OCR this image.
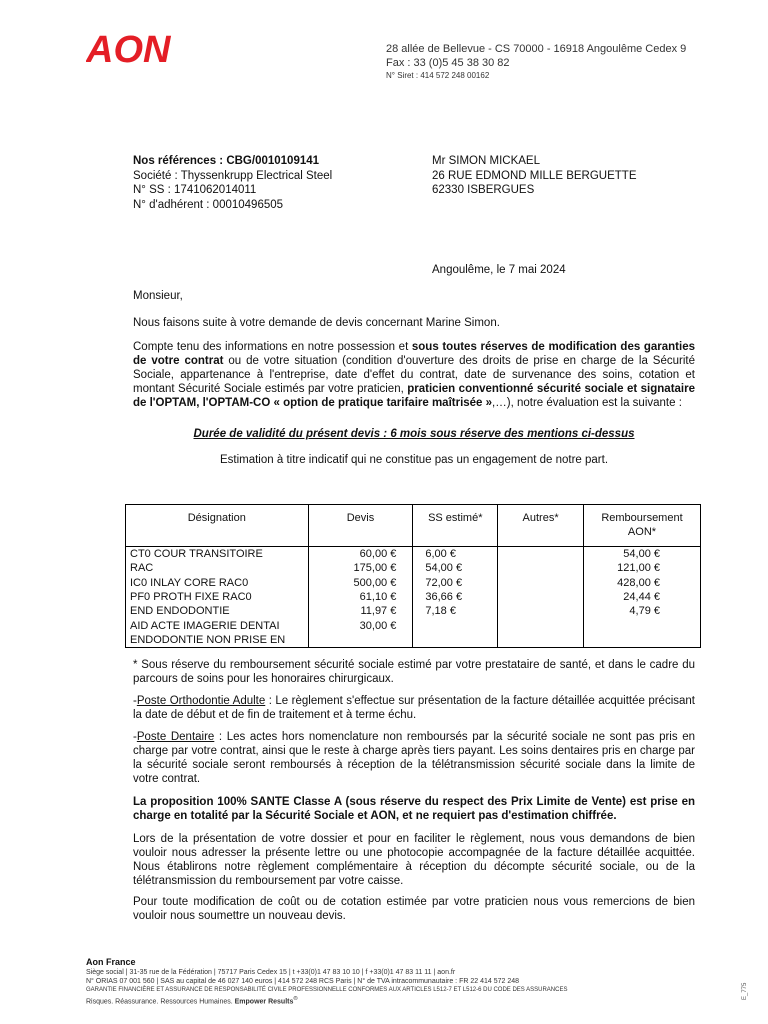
AON	28 allée de Bellevue - CS 70000 - 16918 Angoulême Cedex 9
Fax : 33 (0)5 45 38 30 82
N° Siret : 414 572 248 00162
Nos références : CBG/0010109141
Société : Thyssenkrupp Electrical Steel
N° SS : 1741062014011
N° d'adhérent : 00010496505
Mr SIMON MICKAEL
26 RUE EDMOND MILLE BERGUETTE
62330 ISBERGUES
Angoulême, le 7 mai 2024
Monsieur,
Nous faisons suite à votre demande de devis concernant Marine Simon.
Compte tenu des informations en notre possession et sous toutes réserves de modification des garanties de votre contrat ou de votre situation (condition d'ouverture des droits de prise en charge de la Sécurité Sociale, appartenance à l'entreprise, date d'effet du contrat, date de survenance des soins, cotation et montant Sécurité Sociale estimés par votre praticien, praticien conventionné sécurité sociale et signataire de l'OPTAM, l'OPTAM-CO « option de pratique tarifaire maîtrisée »,…), notre évaluation est la suivante :
Durée de validité du présent devis : 6 mois sous réserve des mentions ci-dessus
Estimation à titre indicatif qui ne constitue pas un engagement de notre part.
Désignation	Devis	SS estimé*	Autres*	Remboursement AON*
CT0 COUR TRANSITOIRE	60,00 €	6,00 €		54,00 €
RAC	175,00 €	54,00 €		121,00 €
IC0 INLAY CORE RAC0	500,00 €	72,00 €		428,00 €
PF0 PROTH FIXE RAC0	61,10 €	36,66 €		24,44 €
END ENDODONTIE	11,97 €	7,18 €		4,79 €
AID ACTE IMAGERIE DENTAI	30,00 €			
ENDODONTIE NON PRISE EN				
* Sous réserve du remboursement sécurité sociale estimé par votre prestataire de santé, et dans le cadre du parcours de soins pour les honoraires chirurgicaux.
-Poste Orthodontie Adulte : Le règlement s'effectue sur présentation de la facture détaillée acquittée précisant la date de début et de fin de traitement et à terme échu.
-Poste Dentaire : Les actes hors nomenclature non remboursés par la sécurité sociale ne sont pas pris en charge par votre contrat, ainsi que le reste à charge après tiers payant. Les soins dentaires pris en charge par la sécurité sociale seront remboursés à réception de la télétransmission sécurité sociale dans la limite de votre contrat.
La proposition 100% SANTE Classe A (sous réserve du respect des Prix Limite de Vente) est prise en charge en totalité par la Sécurité Sociale et AON, et ne requiert pas d'estimation chiffrée.
Lors de la présentation de votre dossier et pour en faciliter le règlement, nous vous demandons de bien vouloir nous adresser la présente lettre ou une photocopie accompagnée de la facture détaillée acquittée. Nous établirons notre règlement complémentaire à réception du décompte sécurité sociale, ou de la télétransmission du remboursement par votre caisse.
Pour toute modification de coût ou de cotation estimée par votre praticien nous vous remercions de bien vouloir nous soumettre un nouveau devis.
Aon France
Siège social | 31-35 rue de la Fédération | 75717 Paris Cedex 15 | t +33(0)1 47 83 10 10 | f +33(0)1 47 83 11 11 | aon.fr
N° ORIAS 07 001 560 | SAS au capital de 46 027 140 euros | 414 572 248 RCS Paris | N° de TVA intracommunautaire : FR 22 414 572 248
GARANTIE FINANCIÈRE ET ASSURANCE DE RESPONSABILITÉ CIVILE PROFESSIONNELLE CONFORMES AUX ARTICLES L512-7 ET L512-6 DU CODE DES ASSURANCES
Risques. Réassurance. Ressources Humaines. Empower Results®	E_775
